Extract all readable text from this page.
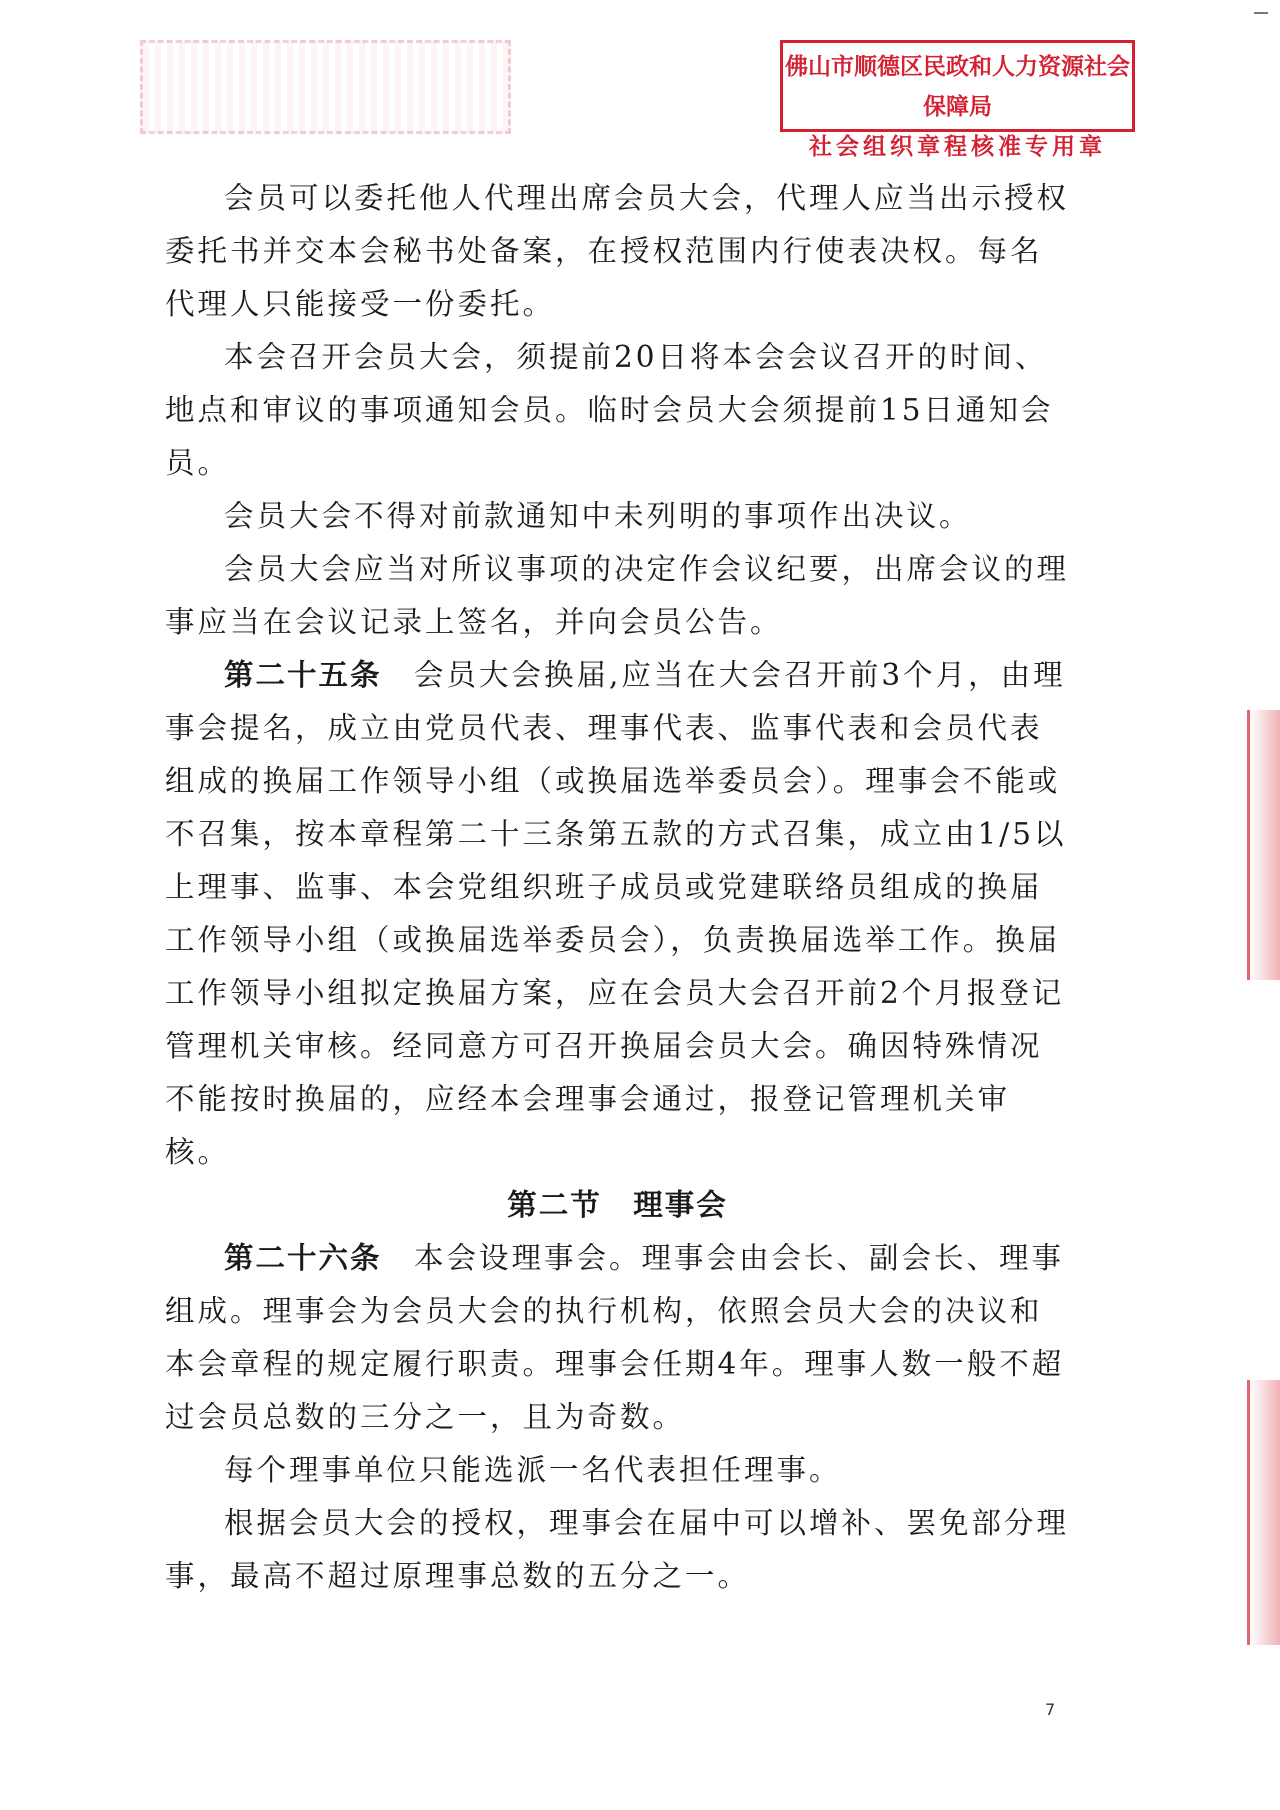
佛山市顺德区民政和人力资源社会保障局
社会组织章程核准专用章

会员可以委托他人代理出席会员大会，代理人应当出示授权委托书并交本会秘书处备案，在授权范围内行使表决权。每名代理人只能接受一份委托。

本会召开会员大会，须提前20日将本会会议召开的时间、地点和审议的事项通知会员。临时会员大会须提前15日通知会员。

会员大会不得对前款通知中未列明的事项作出决议。

会员大会应当对所议事项的决定作会议纪要，出席会议的理事应当在会议记录上签名，并向会员公告。

第二十五条　 会员大会换届,应当在大会召开前3个月，由理事会提名，成立由党员代表、理事代表、监事代表和会员代表组成的换届工作领导小组（或换届选举委员会）。理事会不能或不召集，按本章程第二十三条第五款的方式召集，成立由1/5以上理事、监事、本会党组织班子成员或党建联络员组成的换届工作领导小组（或换届选举委员会），负责换届选举工作。换届工作领导小组拟定换届方案，应在会员大会召开前2个月报登记管理机关审核。经同意方可召开换届会员大会。确因特殊情况不能按时换届的，应经本会理事会通过，报登记管理机关审核。

第二节　理事会

第二十六条　 本会设理事会。理事会由会长、副会长、理事组成。理事会为会员大会的执行机构，依照会员大会的决议和本会章程的规定履行职责。理事会任期4年。理事人数一般不超过会员总数的三分之一，且为奇数。

每个理事单位只能选派一名代表担任理事。

根据会员大会的授权，理事会在届中可以增补、罢免部分理事，最高不超过原理事总数的五分之一。

7
